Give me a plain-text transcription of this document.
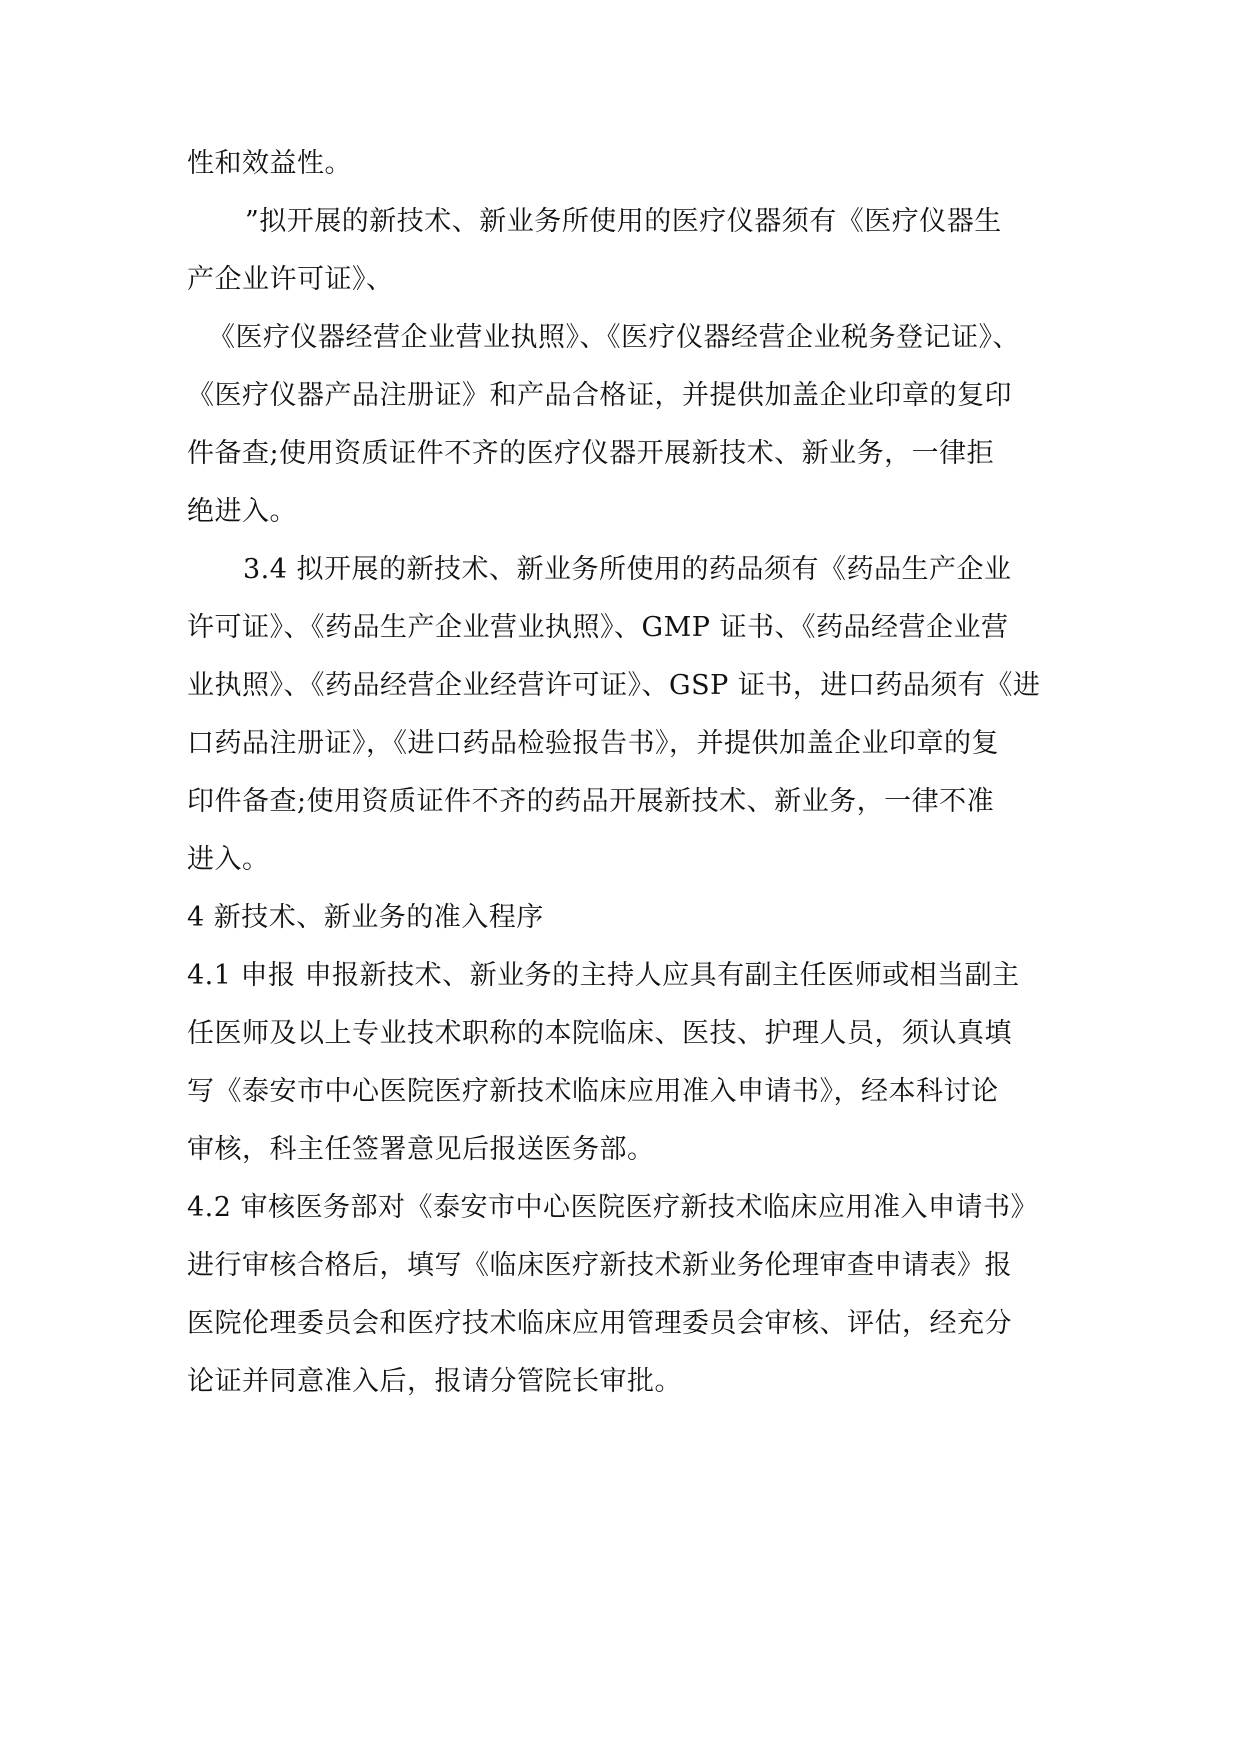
性和效益性。
”拟开展的新技术、新业务所使用的医疗仪器须有《医疗仪器生
产企业许可证》、
《医疗仪器经营企业营业执照》、《医疗仪器经营企业税务登记证》、
《医疗仪器产品注册证》和产品合格证，并提供加盖企业印章的复印
件备查;使用资质证件不齐的医疗仪器开展新技术、新业务，一律拒
绝进入。
3.4 拟开展的新技术、新业务所使用的药品须有《药品生产企业
许可证》、《药品生产企业营业执照》、GMP 证书、《药品经营企业营
业执照》、《药品经营企业经营许可证》、GSP 证书，进口药品须有《进
口药品注册证》，《进口药品检验报告书》，并提供加盖企业印章的复
印件备查;使用资质证件不齐的药品开展新技术、新业务，一律不准
进入。
4 新技术、新业务的准入程序
4.1 申报 申报新技术、新业务的主持人应具有副主任医师或相当副主
任医师及以上专业技术职称的本院临床、医技、护理人员，须认真填
写《泰安市中心医院医疗新技术临床应用准入申请书》，经本科讨论
审核，科主任签署意见后报送医务部。
4.2 审核医务部对《泰安市中心医院医疗新技术临床应用准入申请书》
进行审核合格后，填写《临床医疗新技术新业务伦理审查申请表》报
医院伦理委员会和医疗技术临床应用管理委员会审核、评估，经充分
论证并同意准入后，报请分管院长审批。
